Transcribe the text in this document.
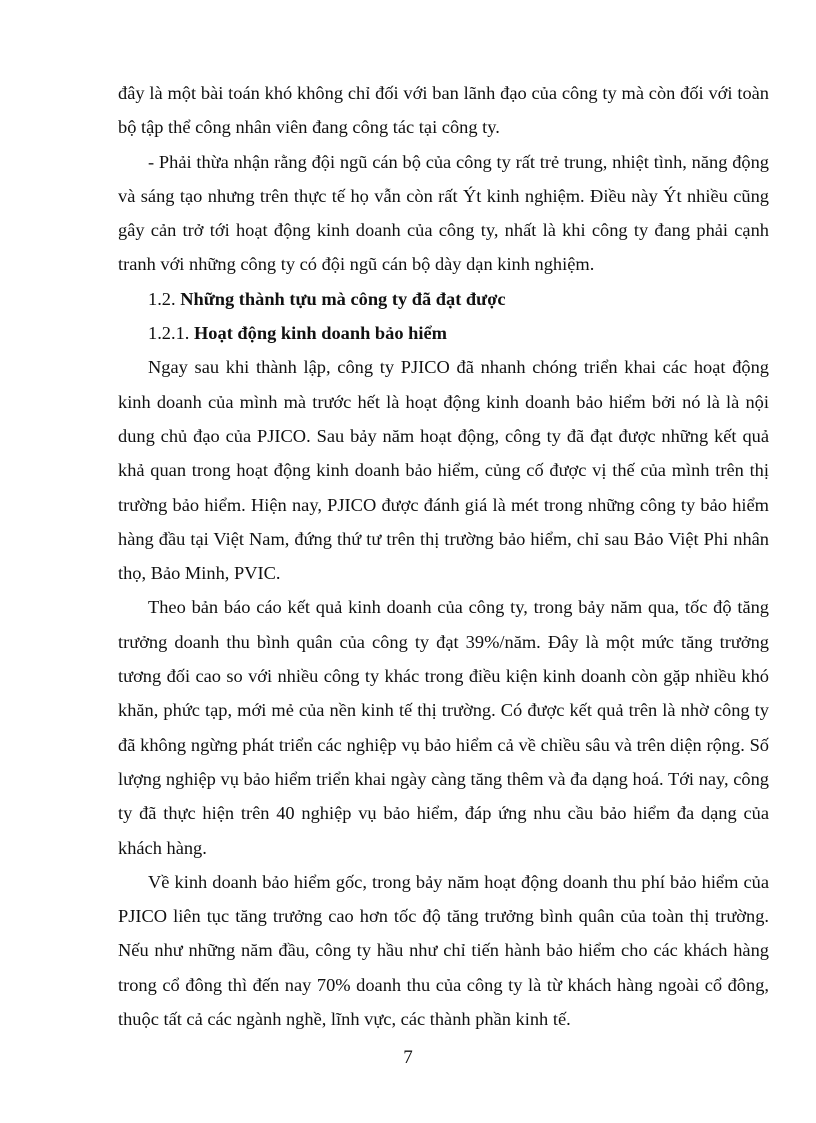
đây là một bài toán khó không chỉ đối với ban lãnh đạo của công ty mà còn đối với toàn bộ tập thể công nhân viên đang công tác tại công ty.

- Phải thừa nhận rằng đội ngũ cán bộ của công ty rất trẻ trung, nhiệt tình, năng động và sáng tạo nhưng trên thực tế họ vẫn còn rất Ýt kinh nghiệm. Điều này Ýt nhiều cũng gây cản trở tới hoạt động kinh doanh của công ty, nhất là khi công ty đang phải cạnh tranh với những công ty có đội ngũ cán bộ dày dạn kinh nghiệm.

1.2. Những thành tựu mà công ty đã đạt được

1.2.1. Hoạt động kinh doanh bảo hiểm

Ngay sau khi thành lập, công ty PJICO đã nhanh chóng triển khai các hoạt động kinh doanh của mình mà trước hết là hoạt động kinh doanh bảo hiểm bởi nó là là nội dung chủ đạo của PJICO. Sau bảy năm hoạt động, công ty đã đạt được những kết quả khả quan trong hoạt động kinh doanh bảo hiểm, củng cố được vị thế của mình trên thị trường bảo hiểm. Hiện nay, PJICO được đánh giá là mét trong những công ty bảo hiểm hàng đầu tại Việt Nam, đứng thứ tư trên thị trường bảo hiểm, chỉ sau Bảo Việt Phi nhân thọ, Bảo Minh, PVIC.

Theo bản báo cáo kết quả kinh doanh của công ty, trong bảy năm qua, tốc độ tăng trưởng doanh thu bình quân của công ty đạt 39%/năm. Đây là một mức tăng trưởng tương đối cao so với nhiều công ty khác trong điều kiện kinh doanh còn gặp nhiều khó khăn, phức tạp, mới mẻ của nền kinh tế thị trường. Có được kết quả trên là nhờ công ty đã không ngừng phát triển các nghiệp vụ bảo hiểm cả về chiều sâu và trên diện rộng. Số lượng nghiệp vụ bảo hiểm triển khai ngày càng tăng thêm và đa dạng hoá. Tới nay, công ty đã thực hiện trên 40 nghiệp vụ bảo hiểm, đáp ứng nhu cầu bảo hiểm đa dạng của khách hàng.

Về kinh doanh bảo hiểm gốc, trong bảy năm hoạt động doanh thu phí bảo hiểm của PJICO liên tục tăng trưởng cao hơn tốc độ tăng trưởng bình quân của toàn thị trường. Nếu như những năm đầu, công ty hầu như chỉ tiến hành bảo hiểm cho các khách hàng trong cổ đông thì đến nay 70% doanh thu của công ty là từ khách hàng ngoài cổ đông, thuộc tất cả các ngành nghề, lĩnh vực, các thành phần kinh tế.

7
